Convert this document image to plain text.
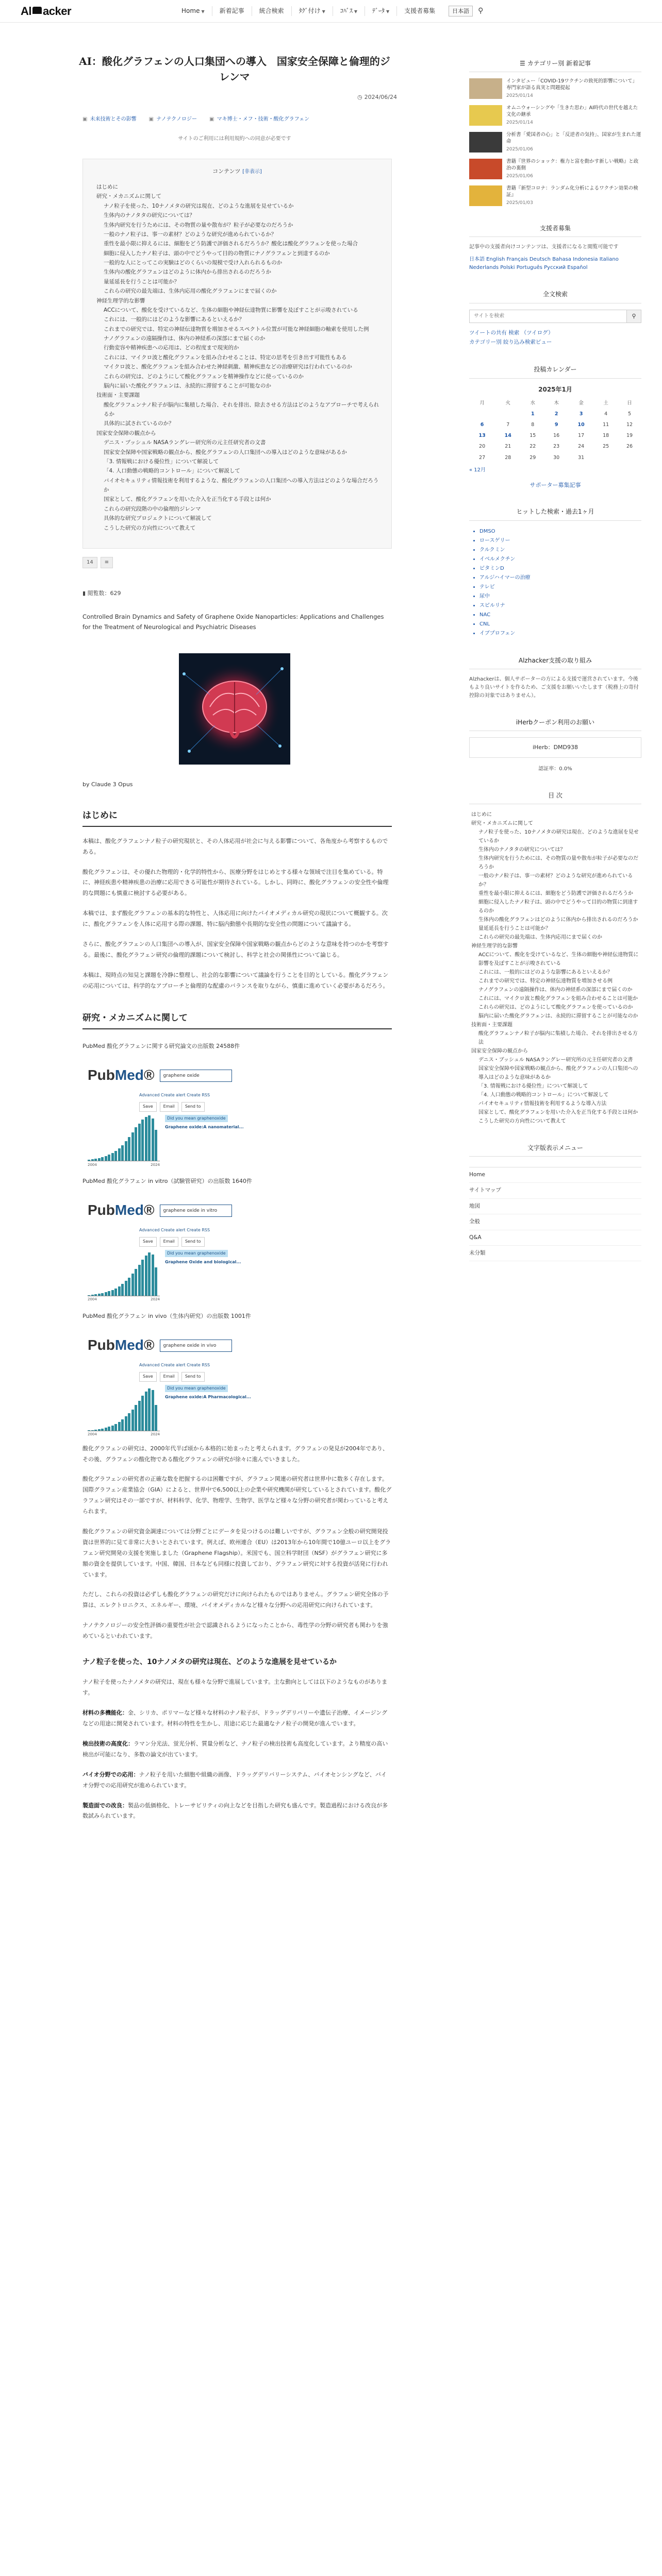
Al acker	Home ▼	新着記事	統合検索	ﾀｸﾞ付け ▼	ｺﾊﾞｽ ▼	ﾃﾞｰﾀ ▼	支援者募集	日本語	⚲
AI：酸化グラフェンの人口集団への導入　国家安全保障と倫理的ジレンマ
◷ 2024/06/24
▣ 未来技術とその影響 ▣ ナノテクノロジー ▣ マキ博士・メフ・技術・酸化グラフェン
サイトのご利用には利用規約への同意が必要です
コンテンツ [非表示]
はじめに
研究・メカニズムに関して
ナノ粒子を使った、10ナノメタの研究は現在、どのような進展を見せているか
生体内のナノタタの研究については？
生体内研究を行うためには、その物質の量や散布が？粒子が必要なのだろうか
一般のナノ粒子は、事一の素材？どのような研究が進められているか？
重性を最小限に抑えるには、細胞をどう防護で評価されるだろうか？酸化は酸化グラフェンを使った場合
細胞に侵入したナノ粒子は、頭の中でどうやって目的の物質にナノグラフェンと到達するのか
一般的な人にとってこの実験はどのくらいの規模で受け入れられるものか
生体内の酸化グラフェンはどのように体内から排出されるのだろうか
量延延長を行うことは可能か？
これらの研究の最先端は、生体内応用の酸化グラフェンにまで届くのか
神経生理学的な影響
ACCについて、酸化を受けているなど、生体の細胞や神経伝達物質に影響を及ぼすことが示唆されている
これには、一般的にはどのような影響にあるといえるか？
これまでの研究では、特定の神経伝達物質を増加させるスペクトル位置が可能な神経細胞の軸索を使用した例
ナノグラフェンの遠隔操作は、体内の神経系の深部にまで届くのか
行動変容や精神疾患への応用は、どの程度まで現実的か
これには、マイクロ波と酸化グラフェンを組み合わせることは、特定の思考を引き出す可能性もある
マイクロ波と、酸化グラフェンを組み合わせた神経刺激、精神疾患などの治療研究は行われているのか
これらの研究は、どのようにして酸化グラフェンを精神操作などに使っているのか
脳内に届いた酸化グラフェンは、永続的に滞留することが可能なのか
技術面・主要課題
酸化グラフェンナノ粒子が脳内に集積した場合、それを排出、除去させる方法はどのようなアプローチで考えられるか
具体的に試されているのか？
国家安全保障の観点から
デニス・ブッシュル NASAラングレー研究所の元主任研究者の文書
国家安全保障や国家戦略の観点から、酸化グラフェンの人口集団への導入はどのような意味があるか
「3. 情報戦における優位性」について解説して
「4. 人口動態の戦略的コントロール」について解説して
バイオセキュリティ情報技術を利用するような、酸化グラフェンの人口集団への導入方法はどのような場合だろうか
国家として、酸化グラフェンを用いた介入を正当化する手段とは何か
これらの研究段階の中の倫理的ジレンマ
具体的な研究プロジェクトについて解説して
こうした研究の方向性について教えて
14	≡
▮ 閲覧数：629
Controlled Brain Dynamics and Safety of Graphene Oxide Nanoparticles: Applications and Challenges for the Treatment of Neurological and Psychiatric Diseases
by Claude 3 Opus
はじめに

本稿は、酸化グラフェンナノ粒子の研究現状と、その人体応用が社会に与える影響について、各角度から考察するものである。

酸化グラフェンは、その優れた物理的・化学的特性から、医療分野をはじめとする様々な領域で注目を集めている。特に、神経疾患や精神疾患の治療に応用できる可能性が期待されている。しかし、同時に、酸化グラフェンの安全性や倫理的な問題にも慎重に検討する必要がある。

本稿では、まず酸化グラフェンの基本的な特性と、人体応用に向けたバイオメディカル研究の現状について概観する。次に、酸化グラフェンを人体に応用する際の課題、特に脳内動態や長期的な安全性の問題について議論する。

さらに、酸化グラフェンの人口集団への導入が、国家安全保障や国家戦略の観点からどのような意味を持つのかを考察する。最後に、酸化グラフェン研究の倫理的課題について検討し、科学と社会の関係性について論じる。

本稿は、現時点の知見と課題を冷静に整理し、社会的な影響について議論を行うことを目的としている。酸化グラフェンの応用については、科学的なアプローチと倫理的な配慮のバランスを取りながら、慎重に進めていく必要があるだろう。

研究・メカニズムに関して
PubMed 酸化グラフェンに関する研究論文の出版数 24588件
PubMed®	graphene oxide
Advanced Create alert Create RSS
Save	Email	Send to
2004	2024
Did you mean graphenoxide
Graphene oxide:A nanomaterial...
PubMed 酸化グラフェン in vitro（試験管研究）の出版数 1640件
PubMed®	graphene oxide in vitro
Advanced Create alert Create RSS
Save	Email	Send to
2004	2024
Did you mean graphenoxide
Graphene Oxide and biological...
PubMed 酸化グラフェン in vivo（生体内研究）の出版数 1001件
PubMed®	graphene oxide in vivo
Advanced Create alert Create RSS
Save	Email	Send to
2004	2024
Did you mean graphenoxide
Graphene oxide:A Pharmacological...

酸化グラフェンの研究は、2000年代半ば頃から本格的に始まったと考えられます。グラフェンの発見が2004年であり、その後、グラフェンの酸化物である酸化グラフェンの研究が徐々に進んでいきました。

酸化グラフェンの研究者の正確な数を把握するのは困難ですが、グラフェン関連の研究者は世界中に数多く存在します。国際グラフェン産業協会（GIA）によると、世界中で6,500以上の企業や研究機関が研究しているとされています。酸化グラフェン研究はその一部ですが、材料科学、化学、物理学、生物学、医学など様々な分野の研究者が関わっていると考えられます。

酸化グラフェンの研究資金調達については分野ごとにデータを見つけるのは難しいですが、グラフェン全般の研究開発投資は世界的に見て非常に大きいとされています。例えば、欧州連合（EU）は2013年から10年間で10億ユーロ以上をグラフェン研究開発の支援を実施しました（Graphene Flagship）。米国でも、国立科学財団（NSF）がグラフェン研究に多額の資金を提供しています。中国、韓国、日本なども同様に投資しており、グラフェン研究に対する投資が活発に行われています。

ただし、これらの投資は必ずしも酸化グラフェンの研究だけに向けられたものではありません。グラフェン研究全体の予算は、エレクトロニクス、エネルギー、環境、バイオメディカルなど様々な分野への応用研究に向けられています。

ナノテクノロジーの安全性評価の重要性が社会で認識されるようになったことから、毒性学の分野の研究者も関わりを強めているといわれています。

ナノ粒子を使った、10ナノメタの研究は現在、どのような進展を見せているか

ナノ粒子を使ったナノメタの研究は、現在も様々な分野で進展しています。主な動向としては以下のようなものがあります。

材料の多機能化：金、シリカ、ポリマーなど様々な材料のナノ粒子が、ドラッグデリバリーや遺伝子治療、イメージングなどの用途に開発されています。材料の特性を生かし、用途に応じた最適なナノ粒子の開発が進んでいます。

検出技術の高度化：ラマン分光法、蛍光分析、質量分析など、ナノ粒子の検出技術も高度化しています。より精度の高い検出が可能になり、多数の論文が出ています。

バイオ分野での応用：ナノ粒子を用いた細胞や組織の画像、ドラッグデリバリーシステム、バイオセンシングなど、バイオ分野での応用研究が進められています。

製造面での改良：製品の低価格化、トレーサビリティの向上などを目指した研究も盛んです。製造過程における改良が多数試みられています。

☰ カテゴリー別 新着記事
インタビュー「COVID-19ワクチンの致死的影響について」専門家が語る真実と問題提起
2025/01/14
オムニウォーシングや「生きた思わ」AI時代の世代を越えた文化の継承
2025/01/14
分析書「愛国者の心」と「反逆者の気持」、国家が生まれた運命
2025/01/06
書籍『世界のショック：権力と富を動かす新しい戦略』と政治の裏側
2025/01/06
書籍『新型コロナ：ランダム化分析によるワクチン効果の検証』
2025/01/03
支援者募集
記事中の支援者向けコンテンツは、支援者になると閲覧可能です
日本語 English Français Deutsch Bahasa Indonesia Italiano Nederlands Polski Português Русский Español
全文検索
サイトを検索
⚲
ツイートの共有 検索 （ツイログ）
カテゴリー別 絞り込み検索ビュー
投稿カレンダー
2025年1月
月	火	水	木	金	土	日
		1	2	3	4	5
6	7	8	9	10	11	12
13	14	15	16	17	18	19
20	21	22	23	24	25	26
27	28	29	30	31		
« 12月
サポーター募集記事
ヒットした検索・過去1ヶ月
• DMSO
• ロースゲリー
• クルクミン
• イベルメクチン
• ビタミンD
• アルジハイマーの治療
• テレビ
• 尿中
• スピルリナ
• NAC
• CNL
• イブプロフェン
Alzhacker支援の取り組み
Alzhackerは、個人サポーターの方による支援で運営されています。今後もより良いサイトを作るため、ご支援をお願いいたします（税務上の寄付控除の対象ではありません）。
iHerbクーポン利用のお願い
iHerb：DMD938
認証率：0.0%
目 次
はじめに
研究・メカニズムに関して
ナノ粒子を使った、10ナノメタの研究は現在、どのような進展を見せているか
生体内のナノタタの研究については？
生体内研究を行うためには、その物質の量や散布が粒子が必要なのだろうか
一般のナノ粒子は、事一の素材？どのような研究が進められているか？
重性を最小限に抑えるには、細胞をどう防護で評価されるだろうか
細胞に侵入したナノ粒子は、頭の中でどうやって目的の物質に到達するのか
生体内の酸化グラフェンはどのように体内から排出されるのだろうか
量延延長を行うことは可能か？
これらの研究の最先端は、生体内応用にまで届くのか
神経生理学的な影響
ACCについて、酸化を受けているなど、生体の細胞や神経伝達物質に影響を及ぼすことが示唆されている
これには、一般的にはどのような影響にあるといえるか？
これまでの研究では、特定の神経伝達物質を増加させる例
ナノグラフェンの遠隔操作は、体内の神経系の深部にまで届くのか
これには、マイクロ波と酸化グラフェンを組み合わせることは可能か
これらの研究は、どのようにして酸化グラフェンを使っているのか
脳内に届いた酸化グラフェンは、永続的に滞留することが可能なのか
技術面・主要課題
酸化グラフェンナノ粒子が脳内に集積した場合、それを排出させる方法
国家安全保障の観点から
デニス・ブッシュル NASAラングレー研究所の元主任研究者の文書
国家安全保障や国家戦略の観点から、酸化グラフェンの人口集団への導入はどのような意味があるか
「3. 情報戦における優位性」について解説して
「4. 人口動態の戦略的コントロール」について解説して
バイオセキュリティ情報技術を利用するような導入方法
国家として、酸化グラフェンを用いた介入を正当化する手段とは何か
こうした研究の方向性について教えて
文字版表示メニュー
Home
サイトマップ
地図
全般
Q&A
未分類
